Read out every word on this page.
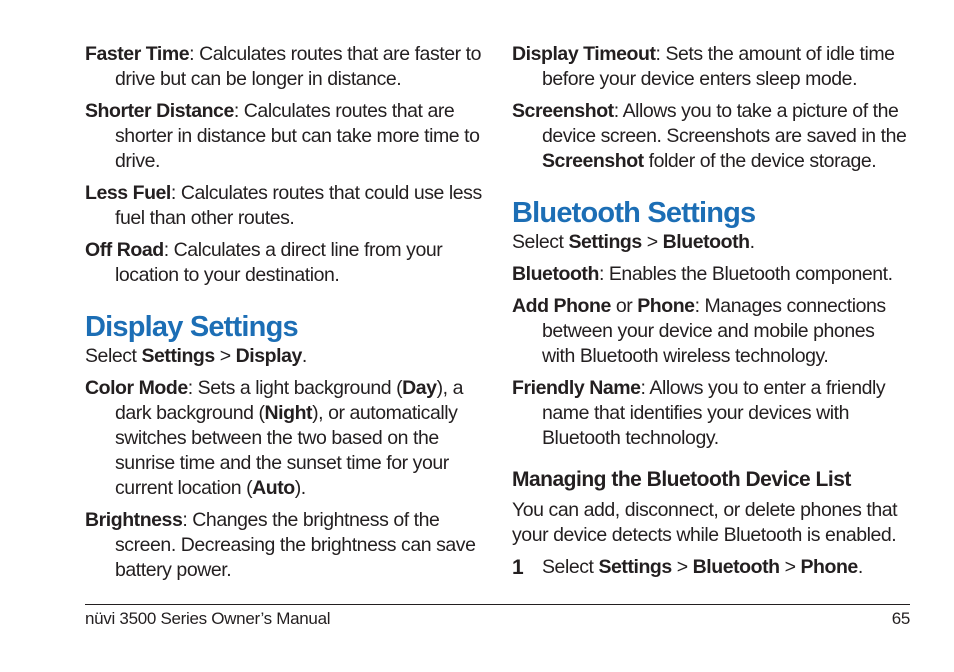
Faster Time: Calculates routes that are faster to drive but can be longer in distance.

Shorter Distance: Calculates routes that are shorter in distance but can take more time to drive.

Less Fuel: Calculates routes that could use less fuel than other routes.

Off Road: Calculates a direct line from your location to your destination.

Display Settings

Select Settings > Display.

Color Mode: Sets a light background (Day), a dark background (Night), or automatically switches between the two based on the sunrise time and the sunset time for your current location (Auto).

Brightness: Changes the brightness of the screen. Decreasing the brightness can save battery power.

Display Timeout: Sets the amount of idle time before your device enters sleep mode.

Screenshot: Allows you to take a picture of the device screen. Screenshots are saved in the Screenshot folder of the device storage.

Bluetooth Settings

Select Settings > Bluetooth.

Bluetooth: Enables the Bluetooth component.

Add Phone or Phone: Manages connections between your device and mobile phones with Bluetooth wireless technology.

Friendly Name: Allows you to enter a friendly name that identifies your devices with Bluetooth technology.

Managing the Bluetooth Device List

You can add, disconnect, or delete phones that your device detects while Bluetooth is enabled.

1 Select Settings > Bluetooth > Phone.
nüvi 3500 Series Owner’s Manual	65
